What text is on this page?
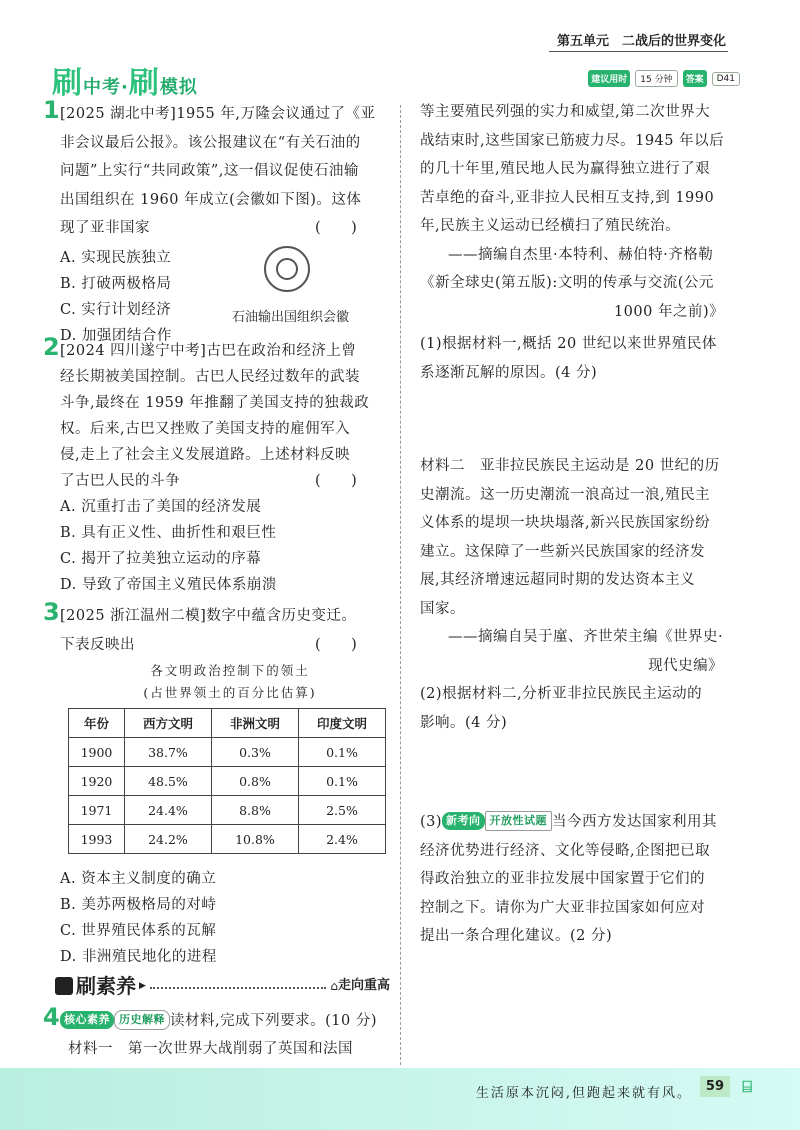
第五单元　二战后的世界变化
刷中考·刷模拟	建议用时	15 分钟	答案	D41
1 [2025 湖北中考]1955 年,万隆会议通过了《亚
非会议最后公报》。该公报建议在“有关石油的
问题”上实行“共同政策”,这一倡议促使石油输
出国组织在 1960 年成立(会徽如下图)。这体
现了亚非国家　　　　　　　　　　　(　　)
A. 实现民族独立
B. 打破两极格局
C. 实行计划经济
D. 加强团结合作
石油输出国组织会徽
2 [2024 四川遂宁中考]古巴在政治和经济上曾
经长期被美国控制。古巴人民经过数年的武装
斗争,最终在 1959 年推翻了美国支持的独裁政
权。后来,古巴又挫败了美国支持的雇佣军入
侵,走上了社会主义发展道路。上述材料反映
了古巴人民的斗争　　　　　　　　　(　　)
A. 沉重打击了美国的经济发展
B. 具有正义性、曲折性和艰巨性
C. 揭开了拉美独立运动的序幕
D. 导致了帝国主义殖民体系崩溃
3 [2025 浙江温州二模]数字中蕴含历史变迁。
下表反映出　　　　　　　　　　　　(　　)
各文明政治控制下的领土
(占世界领土的百分比估算)
年份	西方文明	非洲文明	印度文明
1900	38.7%	0.3%	0.1%
1920	48.5%	0.8%	0.1%
1971	24.4%	8.8%	2.5%
1993	24.2%	10.8%	2.4%
A. 资本主义制度的确立
B. 美苏两极格局的对峙
C. 世界殖民体系的瓦解
D. 非洲殖民地化的进程
刷素养 ▶	⌂ 走向重高
4 核心素养 历史解释 读材料,完成下列要求。(10 分)
材料一　第一次世界大战削弱了英国和法国
等主要殖民列强的实力和威望,第二次世界大
战结束时,这些国家已筋疲力尽。1945 年以后
的几十年里,殖民地人民为赢得独立进行了艰
苦卓绝的奋斗,亚非拉人民相互支持,到 1990
年,民族主义运动已经横扫了殖民统治。
——摘编自杰里·本特利、赫伯特·齐格勒
《新全球史(第五版):文明的传承与交流(公元
1000 年之前)》
(1)根据材料一,概括 20 世纪以来世界殖民体
系逐渐瓦解的原因。(4 分)
材料二　亚非拉民族民主运动是 20 世纪的历
史潮流。这一历史潮流一浪高过一浪,殖民主
义体系的堤坝一块块塌落,新兴民族国家纷纷
建立。这保障了一些新兴民族国家的经济发
展,其经济增速远超同时期的发达资本主义
国家。
——摘编自吴于廑、齐世荣主编《世界史·
现代史编》
(2)根据材料二,分析亚非拉民族民主运动的
影响。(4 分)
(3) 新考向 开放性试题 当今西方发达国家利用其
经济优势进行经济、文化等侵略,企图把已取
得政治独立的亚非拉发展中国家置于它们的
控制之下。请你为广大亚非拉国家如何应对
提出一条合理化建议。(2 分)
生活原本沉闷,但跑起来就有风。	59	⌸
